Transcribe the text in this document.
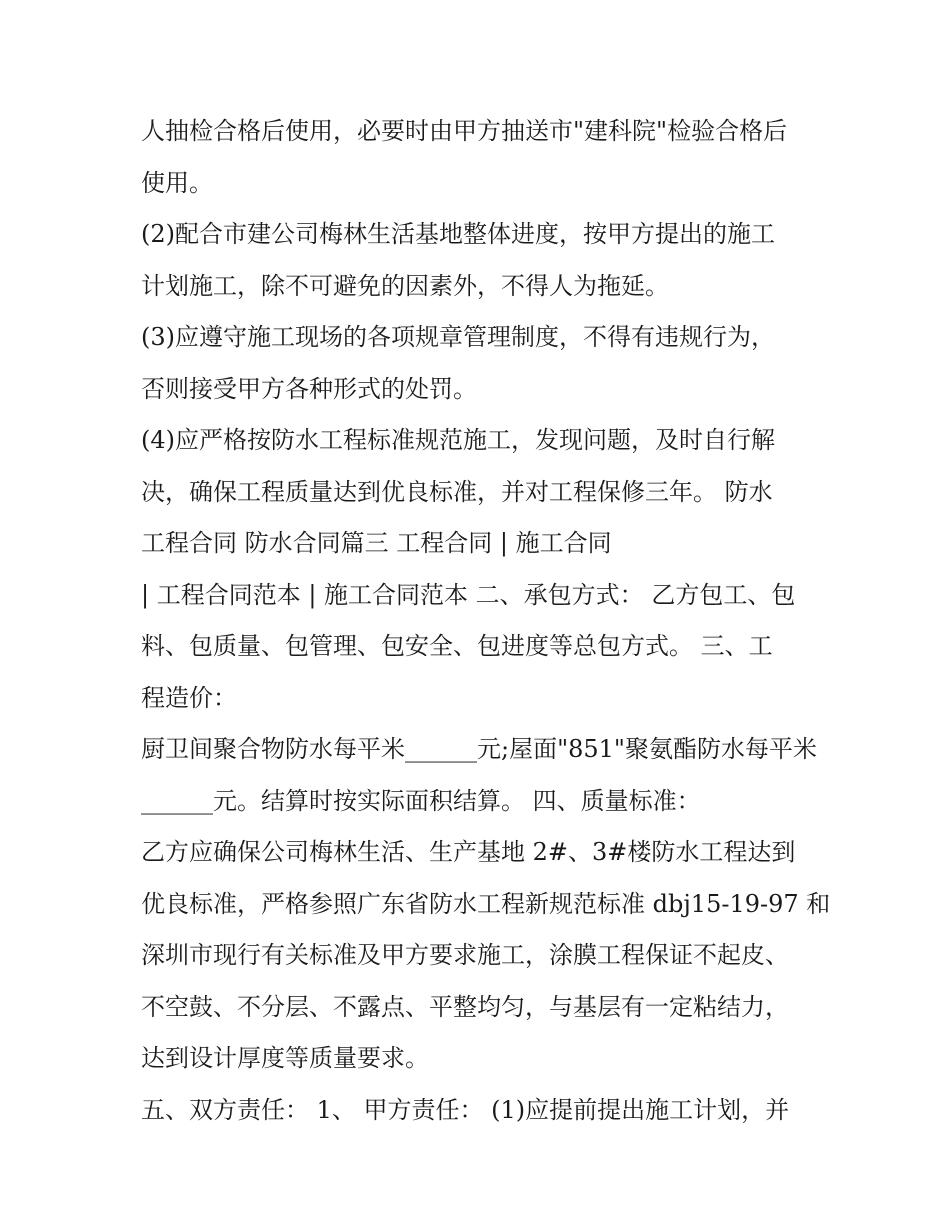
人抽检合格后使用，必要时由甲方抽送市"建科院"检验合格后
使用。
(2)配合市建公司梅林生活基地整体进度，按甲方提出的施工
计划施工，除不可避免的因素外，不得人为拖延。
(3)应遵守施工现场的各项规章管理制度，不得有违规行为，
否则接受甲方各种形式的处罚。
(4)应严格按防水工程标准规范施工，发现问题，及时自行解
决，确保工程质量达到优良标准，并对工程保修三年。 防水
工程合同 防水合同篇三 工程合同 | 施工合同
| 工程合同范本 | 施工合同范本 二、承包方式： 乙方包工、包
料、包质量、包管理、包安全、包进度等总包方式。 三、工
程造价：
厨卫间聚合物防水每平米______元;屋面"851"聚氨酯防水每平米
______元。结算时按实际面积结算。 四、质量标准：
乙方应确保公司梅林生活、生产基地 2#、3#楼防水工程达到
优良标准，严格参照广东省防水工程新规范标准 dbj15-19-97 和
深圳市现行有关标准及甲方要求施工，涂膜工程保证不起皮、
不空鼓、不分层、不露点、平整均匀，与基层有一定粘结力，
达到设计厚度等质量要求。
五、双方责任： 1、 甲方责任： (1)应提前提出施工计划，并
